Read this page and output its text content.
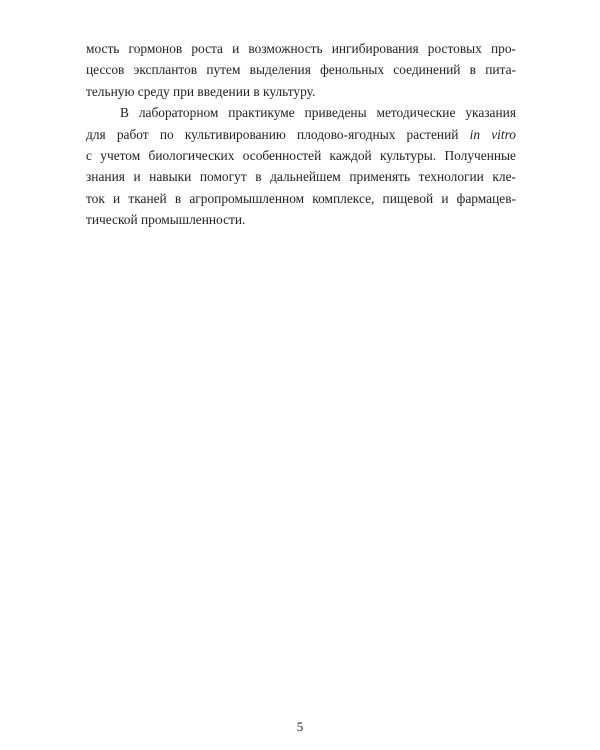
мость гормонов роста и возможность ингибирования ростовых про-
цессов эксплантов путем выделения фенольных соединений в пита-
тельную среду при введении в культуру.
В лабораторном практикуме приведены методические указания
для работ по культивированию плодово-ягодных растений in vitro
с учетом биологических особенностей каждой культуры. Полученные
знания и навыки помогут в дальнейшем применять технологии кле-
ток и тканей в агропромышленном комплексе, пищевой и фармацев-
тической промышленности.
5
